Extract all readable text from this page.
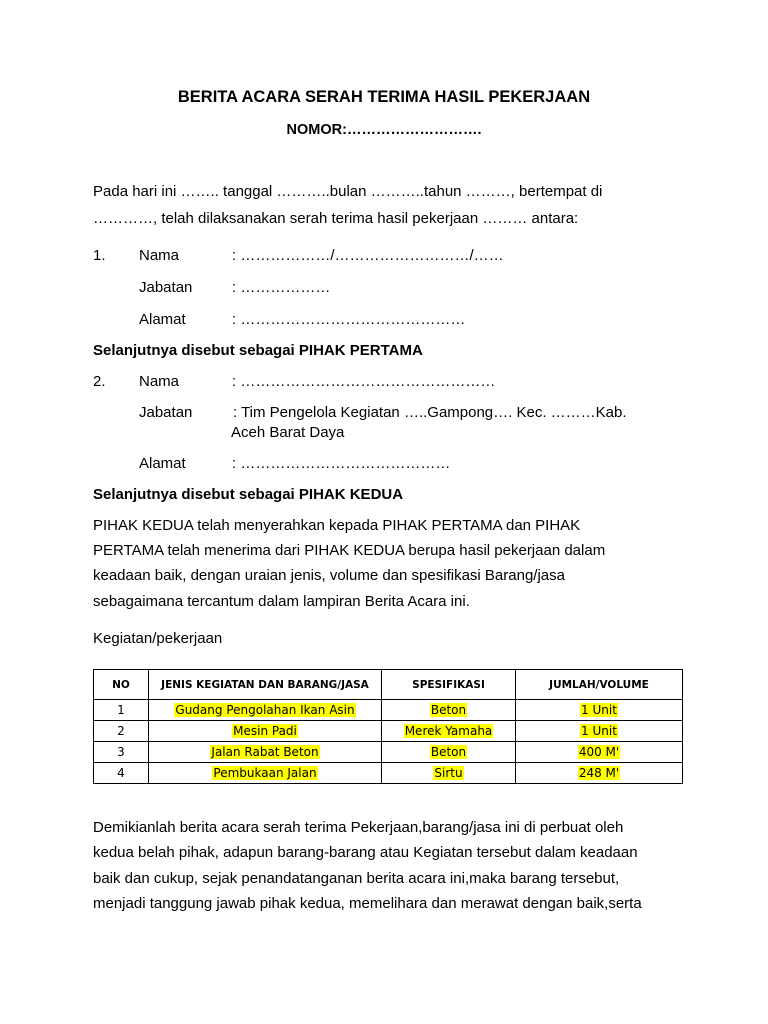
BERITA ACARA SERAH TERIMA HASIL PEKERJAAN
NOMOR:……………………….
Pada hari ini …….. tanggal ………..bulan ………..tahun ………, bertempat di
…………, telah dilaksanakan serah terima hasil pekerjaan ……… antara:
1. Nama	: ………………/………………………/……
Jabatan	: ………………
Alamat	: ………………………………………
Selanjutnya disebut sebagai PIHAK PERTAMA
2. Nama	: ……………………………………………
Jabatan	: Tim Pengelola Kegiatan …..Gampong…. Kec. ………Kab.
Aceh Barat Daya
Alamat	: ……………………………………
Selanjutnya disebut sebagai PIHAK KEDUA
PIHAK KEDUA telah menyerahkan kepada PIHAK PERTAMA dan PIHAK
PERTAMA telah menerima dari PIHAK KEDUA berupa hasil pekerjaan dalam
keadaan baik, dengan uraian jenis, volume dan spesifikasi Barang/jasa
sebagaimana tercantum dalam lampiran Berita Acara ini.
Kegiatan/pekerjaan
NO	JENIS KEGIATAN DAN BARANG/JASA	SPESIFIKASI	JUMLAH/VOLUME
1	Gudang Pengolahan Ikan Asin	Beton	1 Unit
2	Mesin Padi	Merek Yamaha	1 Unit
3	Jalan Rabat Beton	Beton	400 M'
4	Pembukaan Jalan	Sirtu	248 M'
Demikianlah berita acara serah terima Pekerjaan,barang/jasa ini di perbuat oleh
kedua belah pihak, adapun barang-barang atau Kegiatan tersebut dalam keadaan
baik dan cukup, sejak penandatanganan berita acara ini,maka barang tersebut,
menjadi tanggung jawab pihak kedua, memelihara dan merawat dengan baik,serta
